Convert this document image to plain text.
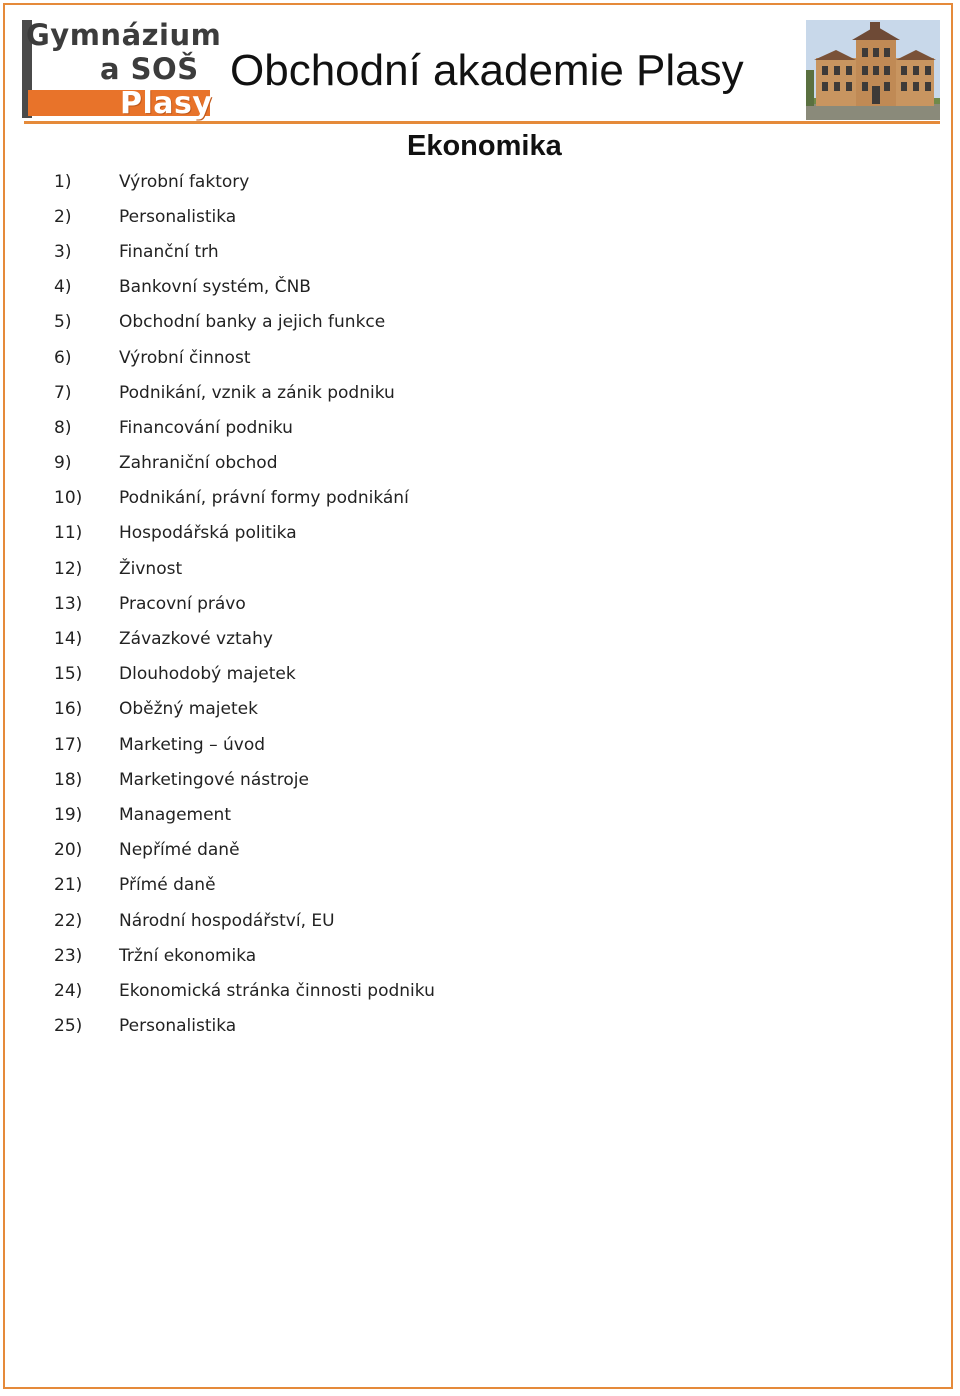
Gymnázium
a SOŠ
Plasy
Obchodní akademie Plasy
Ekonomika
1)	Výrobní faktory
2)	Personalistika
3)	Finanční trh
4)	Bankovní systém, ČNB
5)	Obchodní banky a jejich funkce
6)	Výrobní činnost
7)	Podnikání, vznik a zánik podniku
8)	Financování podniku
9)	Zahraniční obchod
10)	Podnikání, právní formy podnikání
11)	Hospodářská politika
12)	Živnost
13)	Pracovní právo
14)	Závazkové vztahy
15)	Dlouhodobý majetek
16)	Oběžný majetek
17)	Marketing – úvod
18)	Marketingové nástroje
19)	Management
20)	Nepřímé daně
21)	Přímé daně
22)	Národní hospodářství, EU
23)	Tržní ekonomika
24)	Ekonomická stránka činnosti podniku
25)	Personalistika
